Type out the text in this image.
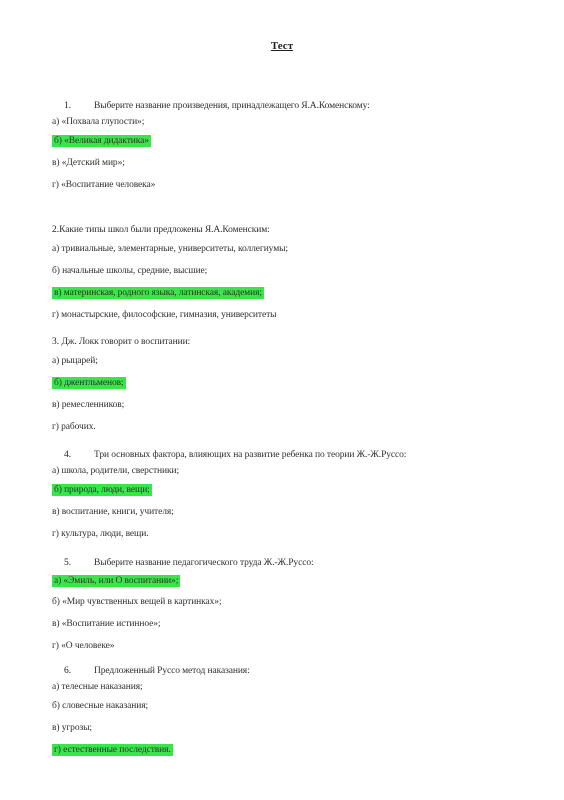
Тест
1. Выберите название произведения, принадлежащего Я.А.Коменскому:
а) «Похвала глупости»;
б) «Великая дидактика»
в) «Детский мир»;
г) «Воспитание человека»
2.Какие типы школ были предложены Я.А.Коменским:
а) тривиальные, элементарные, университеты, коллегиумы;
б) начальные школы, средние, высшие;
в) материнская, родного языка, латинская, академия;
г) монастырские, философские, гимназия, университеты
3. Дж. Локк говорит о воспитании:
а) рыцарей;
б) джентльменов;
в) ремесленников;
г) рабочих.
4. Три основных фактора, влияющих на развитие ребенка по теории Ж.-Ж.Руссо:
а) школа, родители, сверстники;
б) природа, люди, вещи;
в) воспитание, книги, учителя;
г) культура, люди, вещи.
5. Выберите название педагогического труда Ж.-Ж.Руссо:
а) «Эмиль, или О воспитании»;
б) «Мир чувственных вещей в картинках»;
в) «Воспитание истинное»;
г) «О человеке»
6. Предложенный Руссо метод наказания:
а) телесные наказания;
б) словесные наказания;
в) угрозы;
г) естественные последствия.
